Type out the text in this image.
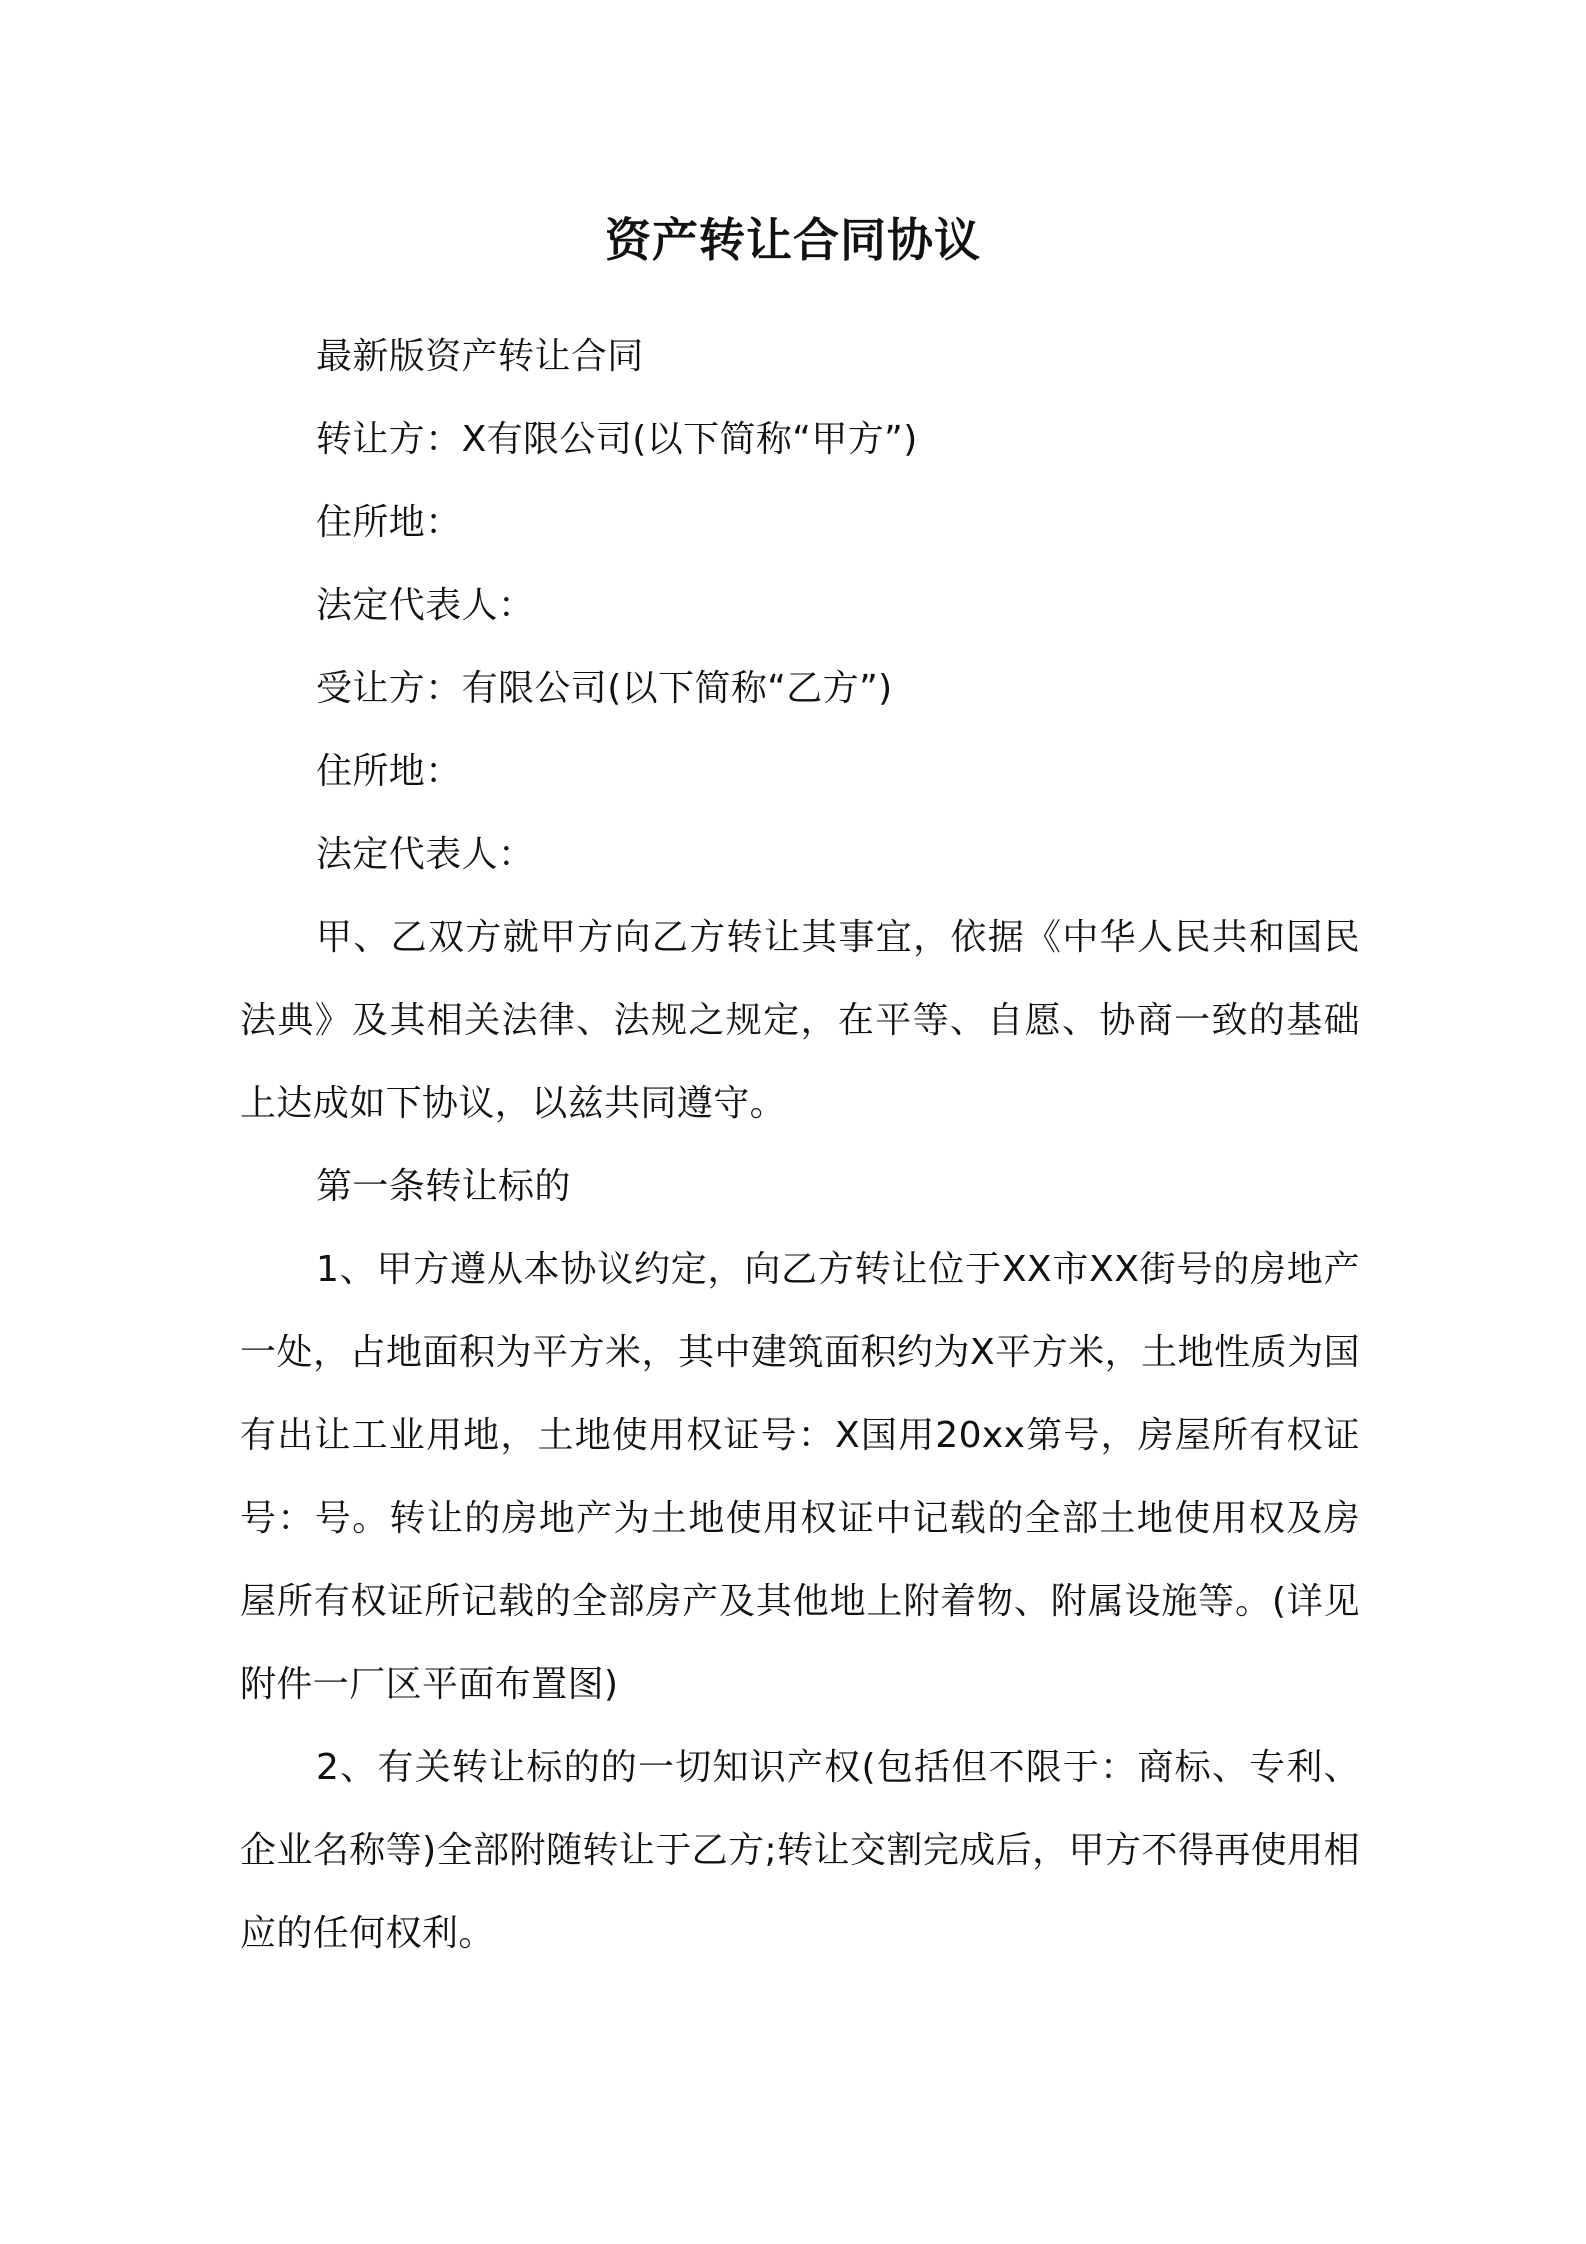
资产转让合同协议

最新版资产转让合同

转让方：X有限公司(以下简称“甲方”)

住所地：

法定代表人：

受让方：有限公司(以下简称“乙方”)

住所地：

法定代表人：

甲、乙双方就甲方向乙方转让其事宜，依据《中华人民共和国民法典》及其相关法律、法规之规定，在平等、自愿、协商一致的基础上达成如下协议，以兹共同遵守。

第一条转让标的

1、甲方遵从本协议约定，向乙方转让位于XX市XX街号的房地产一处，占地面积为平方米，其中建筑面积约为X平方米，土地性质为国有出让工业用地，土地使用权证号：X国用20xx第号，房屋所有权证号：号。转让的房地产为土地使用权证中记载的全部土地使用权及房屋所有权证所记载的全部房产及其他地上附着物、附属设施等。(详见附件一厂区平面布置图)

2、有关转让标的的一切知识产权(包括但不限于：商标、专利、企业名称等)全部附随转让于乙方;转让交割完成后，甲方不得再使用相应的任何权利。
